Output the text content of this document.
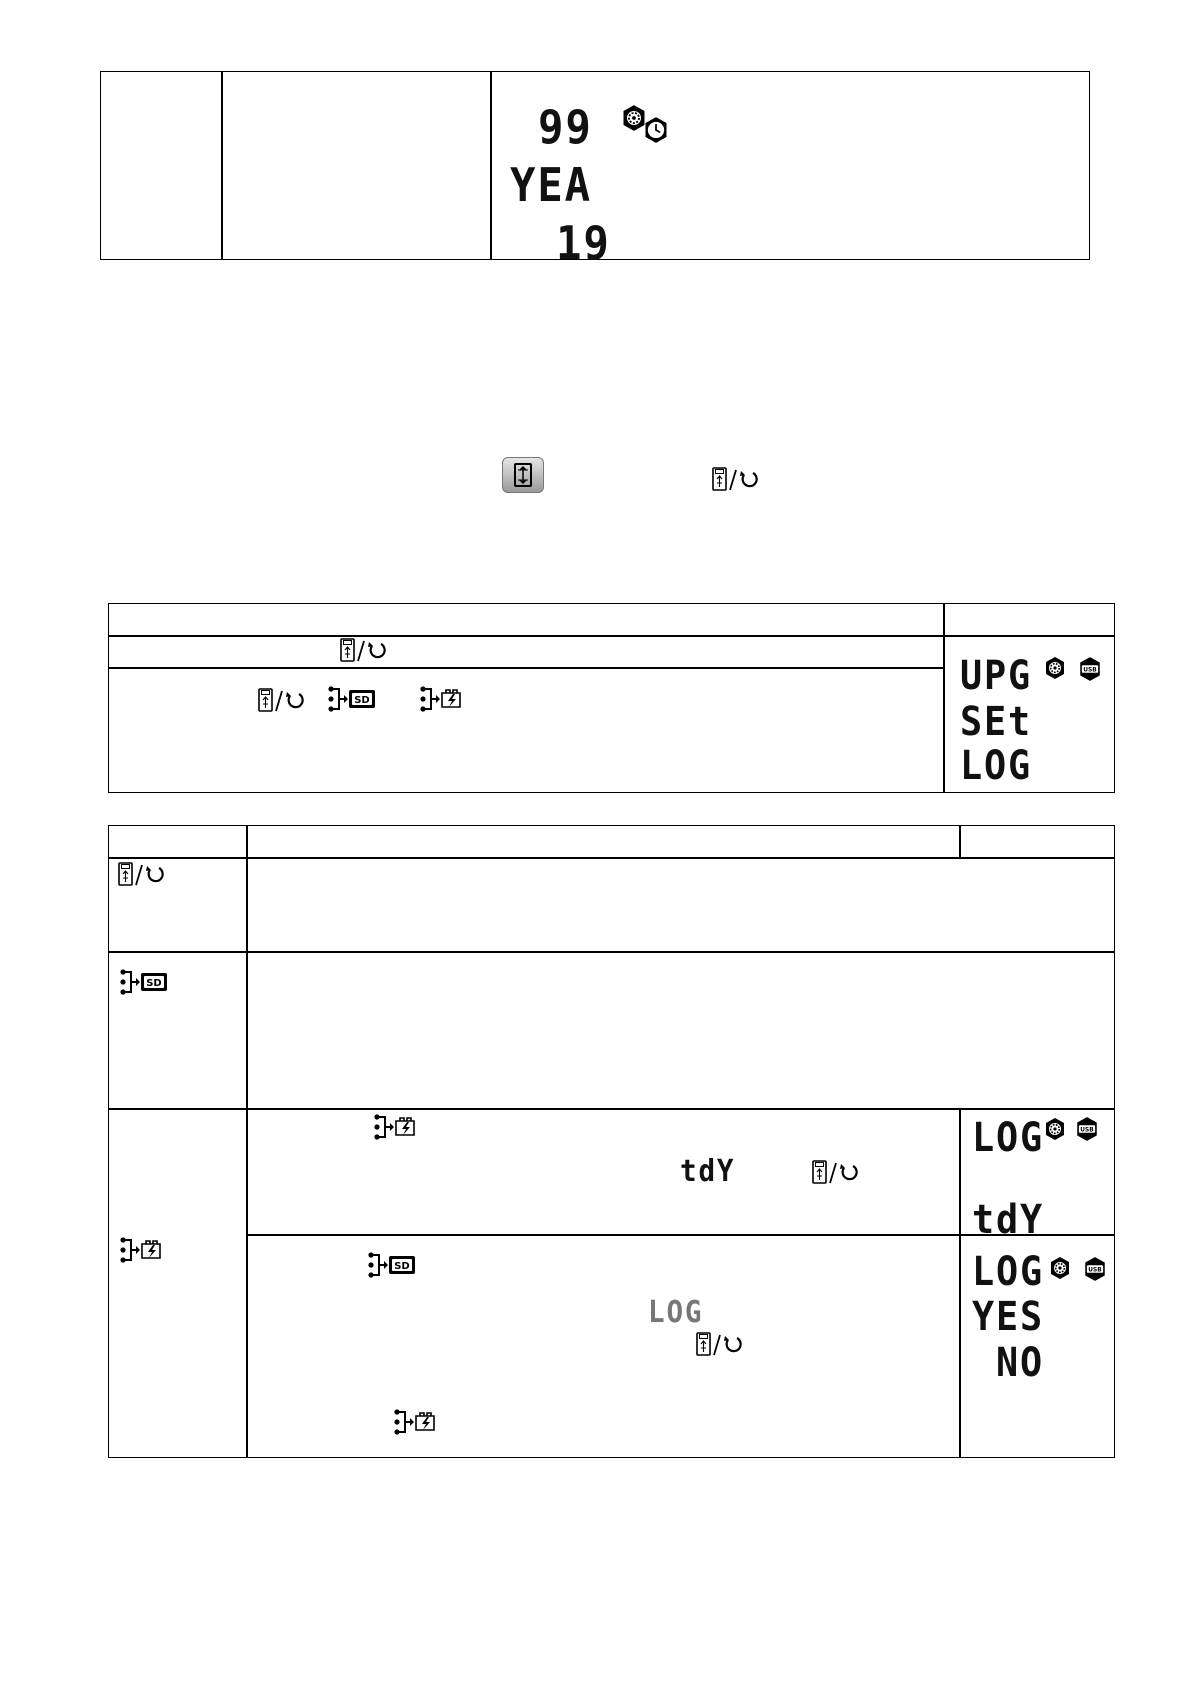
99
YEA
19
UPG
SEt
LOG
tdY
LOG
tdY
LOG
LOG
YES
NO
